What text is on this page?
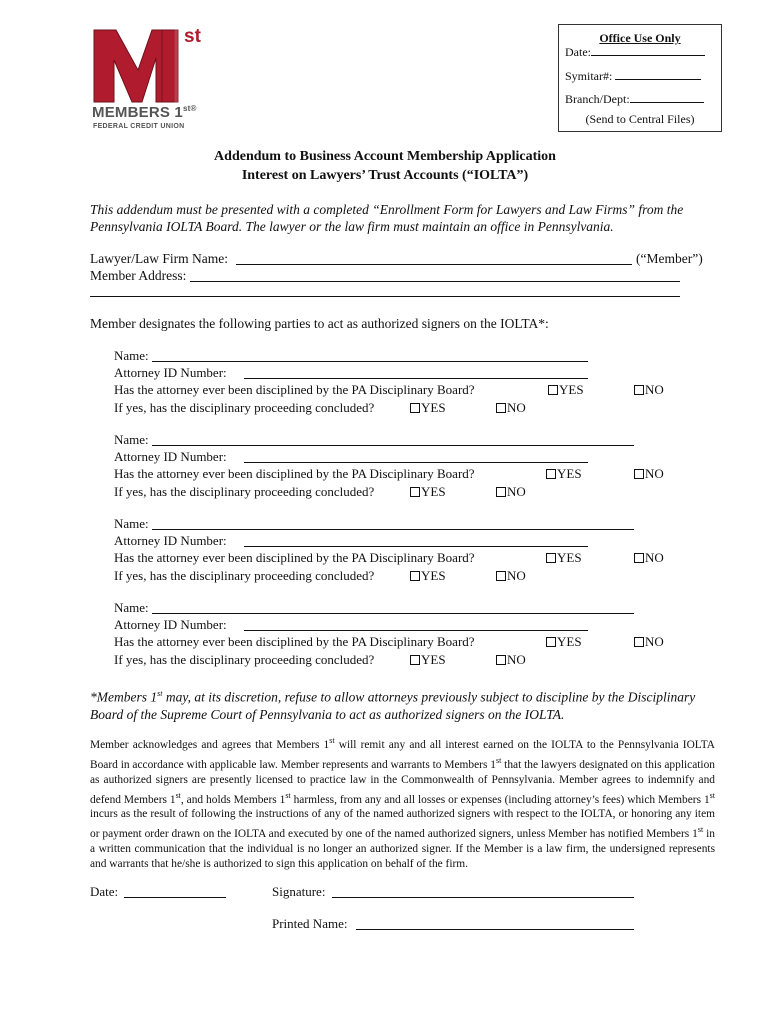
st
MEMBERS $1^{st®}$
FEDERAL CREDIT UNION
Office Use Only
Date:
Symitar#:
Branch/Dept:
(Send to Central Files)
Addendum to Business Account Membership Application
Interest on Lawyers’ Trust Accounts (“IOLTA”)
This addendum must be presented with a completed “Enrollment Form for Lawyers and Law Firms” from the Pennsylvania IOLTA Board. The lawyer or the law firm must maintain an office in Pennsylvania.
Lawyer/Law Firm Name:	(“Member”)
Member Address:
Member designates the following parties to act as authorized signers on the IOLTA*:
Name:
Attorney ID Number:
Has the attorney ever been disciplined by the PA Disciplinary Board?	YES	NO
If yes, has the disciplinary proceeding concluded?	YES	NO
Name:
Attorney ID Number:
Has the attorney ever been disciplined by the PA Disciplinary Board?	YES	NO
If yes, has the disciplinary proceeding concluded?	YES	NO
Name:
Attorney ID Number:
Has the attorney ever been disciplined by the PA Disciplinary Board?	YES	NO
If yes, has the disciplinary proceeding concluded?	YES	NO
Name:
Attorney ID Number:
Has the attorney ever been disciplined by the PA Disciplinary Board?	YES	NO
If yes, has the disciplinary proceeding concluded?	YES	NO
*Members 1st may, at its discretion, refuse to allow attorneys previously subject to discipline by the Disciplinary Board of the Supreme Court of Pennsylvania to act as authorized signers on the IOLTA.
Member acknowledges and agrees that Members 1st will remit any and all interest earned on the IOLTA to the Pennsylvania IOLTA Board in accordance with applicable law. Member represents and warrants to Members 1st that the lawyers designated on this application as authorized signers are presently licensed to practice law in the Commonwealth of Pennsylvania. Member agrees to indemnify and defend Members 1st, and holds Members 1st harmless, from any and all losses or expenses (including attorney’s fees) which Members 1st incurs as the result of following the instructions of any of the named authorized signers with respect to the IOLTA, or honoring any item or payment order drawn on the IOLTA and executed by one of the named authorized signers, unless Member has notified Members 1st in a written communication that the individual is no longer an authorized signer. If the Member is a law firm, the undersigned represents and warrants that he/she is authorized to sign this application on behalf of the firm.
Date:	Signature:
Printed Name:
